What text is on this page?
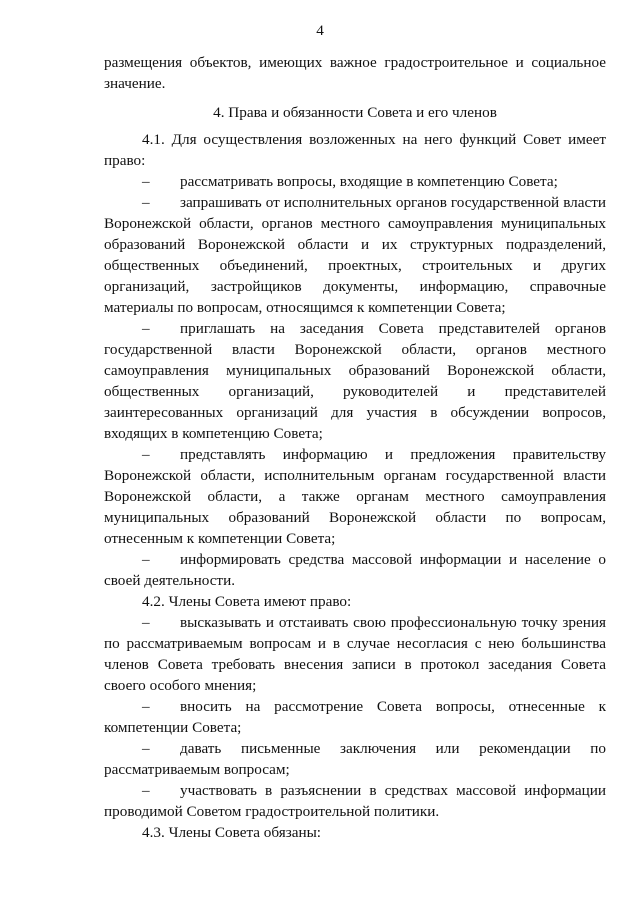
4

размещения объектов, имеющих важное градостроительное и социальное значение.

4. Права и обязанности Совета и его членов

4.1. Для осуществления возложенных на него функций Совет имеет право:

– рассматривать вопросы, входящие в компетенцию Совета;

– запрашивать от исполнительных органов государственной власти Воронежской области, органов местного самоуправления муниципальных образований Воронежской области и их структурных подразделений, общественных объединений, проектных, строительных и других организаций, застройщиков документы, информацию, справочные материалы по вопросам, относящимся к компетенции Совета;

– приглашать на заседания Совета представителей органов государственной власти Воронежской области, органов местного самоуправления муниципальных образований Воронежской области, общественных организаций, руководителей и представителей заинтересованных организаций для участия в обсуждении вопросов, входящих в компетенцию Совета;

– представлять информацию и предложения правительству Воронежской области, исполнительным органам государственной власти Воронежской области, а также органам местного самоуправления муниципальных образований Воронежской области по вопросам, отнесенным к компетенции Совета;

– информировать средства массовой информации и население о своей деятельности.

4.2. Члены Совета имеют право:

– высказывать и отстаивать свою профессиональную точку зрения по рассматриваемым вопросам и в случае несогласия с нею большинства членов Совета требовать внесения записи в протокол заседания Совета своего особого мнения;

– вносить на рассмотрение Совета вопросы, отнесенные к компетенции Совета;

– давать письменные заключения или рекомендации по рассматриваемым вопросам;

– участвовать в разъяснении в средствах массовой информации проводимой Советом градостроительной политики.

4.3. Члены Совета обязаны:
